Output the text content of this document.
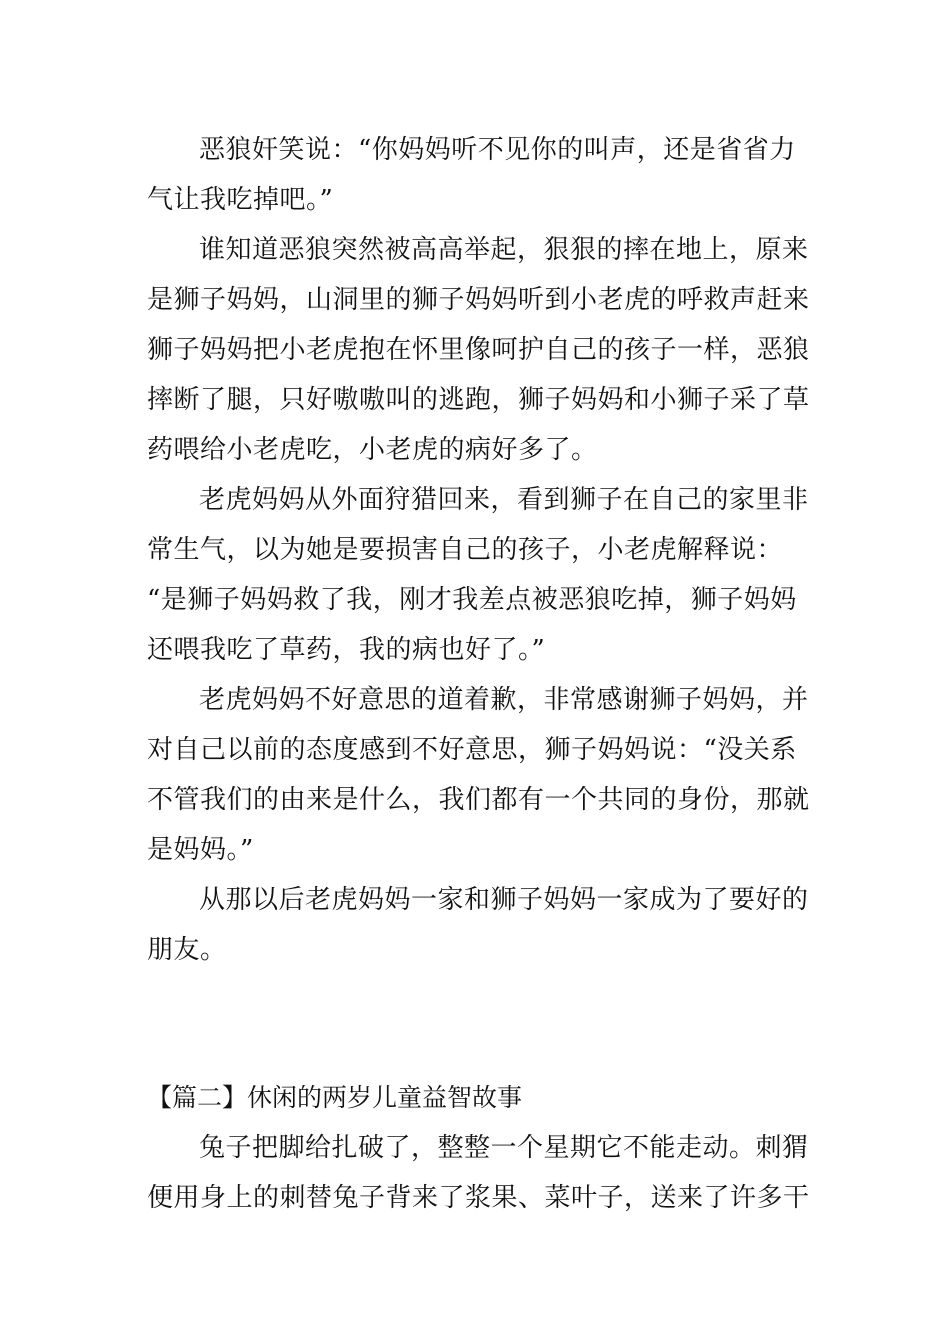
恶狼奸笑说：“你妈妈听不见你的叫声，还是省省力
气让我吃掉吧。”
谁知道恶狼突然被高高举起，狠狠的摔在地上，原来
是狮子妈妈，山洞里的狮子妈妈听到小老虎的呼救声赶来
狮子妈妈把小老虎抱在怀里像呵护自己的孩子一样，恶狼
摔断了腿，只好嗷嗷叫的逃跑，狮子妈妈和小狮子采了草
药喂给小老虎吃，小老虎的病好多了。
老虎妈妈从外面狩猎回来，看到狮子在自己的家里非
常生气，以为她是要损害自己的孩子，小老虎解释说：
“是狮子妈妈救了我，刚才我差点被恶狼吃掉，狮子妈妈
还喂我吃了草药，我的病也好了。”
老虎妈妈不好意思的道着歉，非常感谢狮子妈妈，并
对自己以前的态度感到不好意思，狮子妈妈说：“没关系
不管我们的由来是什么，我们都有一个共同的身份，那就
是妈妈。”
从那以后老虎妈妈一家和狮子妈妈一家成为了要好的
朋友。
【篇二】休闲的两岁儿童益智故事
兔子把脚给扎破了，整整一个星期它不能走动。刺猬
便用身上的刺替兔子背来了浆果、菜叶子，送来了许多干
